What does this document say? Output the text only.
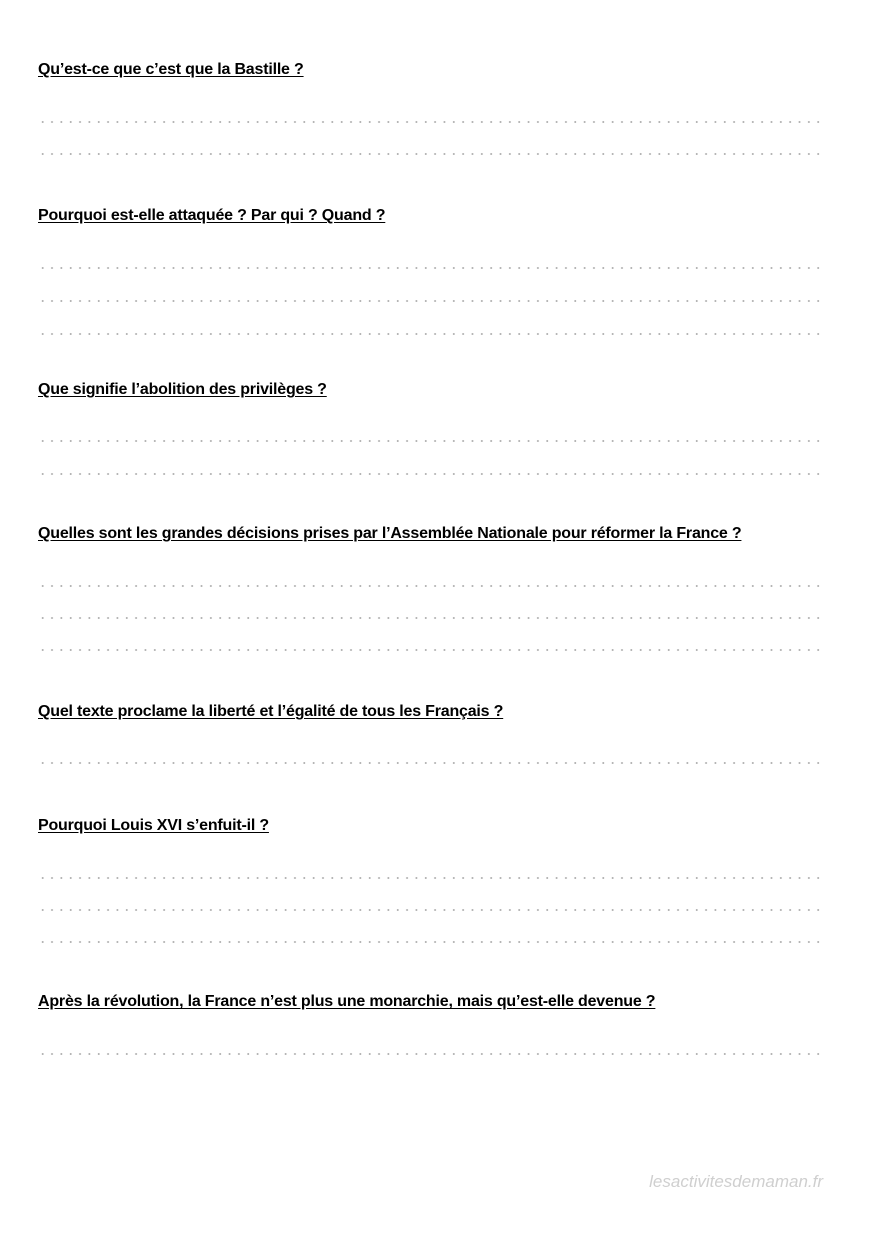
Qu’est-ce que c’est que la Bastille ?
Pourquoi est-elle attaquée ? Par qui ? Quand ?
Que signifie l’abolition des privilèges ?
Quelles sont les grandes décisions prises par l’Assemblée Nationale pour réformer la France ?
Quel texte proclame la liberté et l’égalité de tous les Français ?
Pourquoi Louis XVI s’enfuit-il ?
Après la révolution, la France n’est plus une monarchie, mais qu’est-elle devenue ?
lesactivitesdemaman.fr
